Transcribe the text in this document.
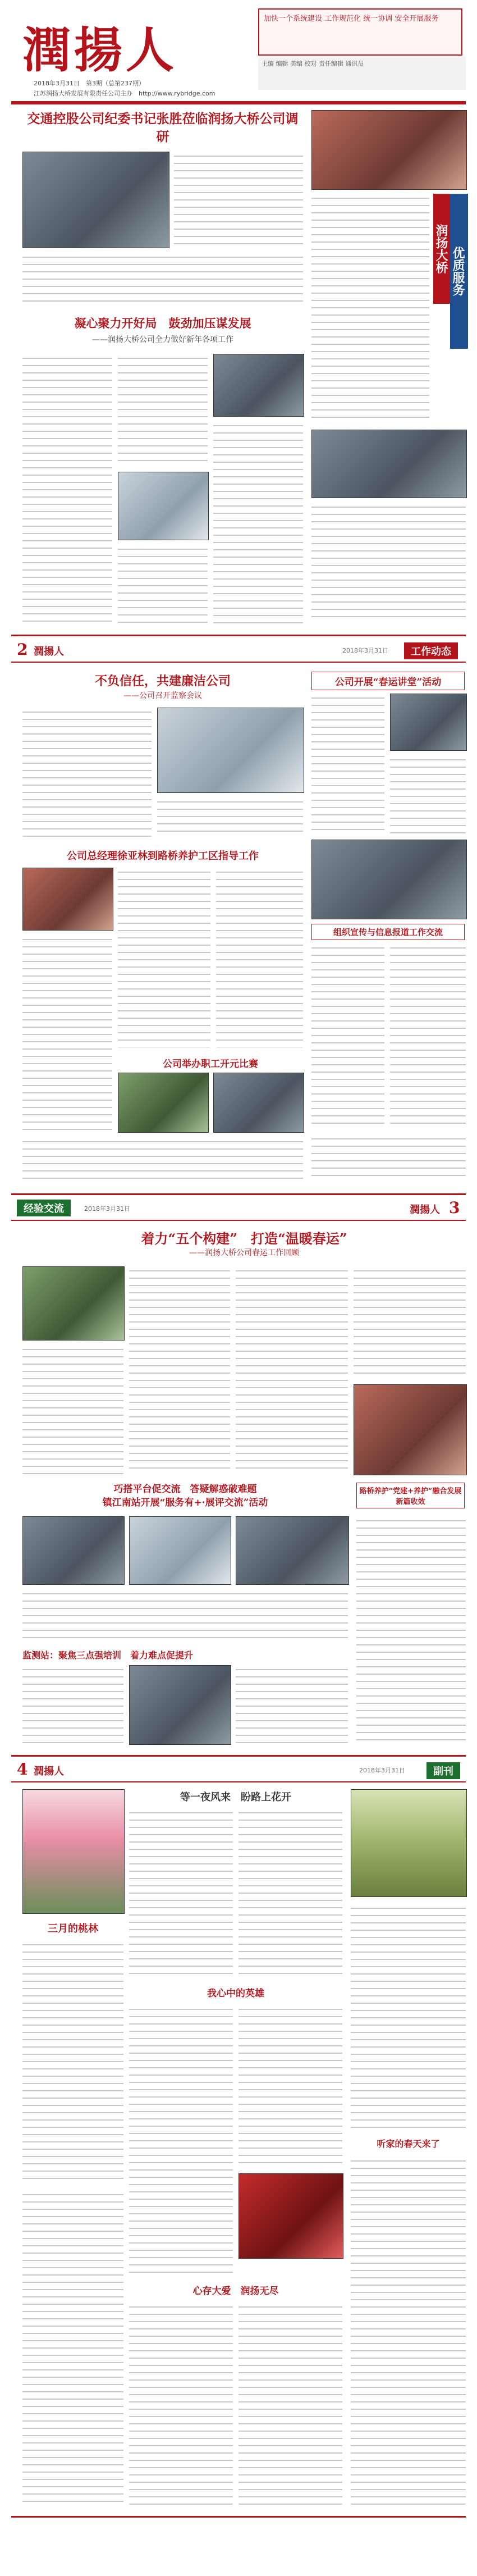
潤揚人
2018年3月31日　第3期（总第237期）
江苏润扬大桥发展有限责任公司主办　http://www.rybridge.com
加快一个系统建设 工作规范化 统一协调 安全开展服务
主编 编辑 美编 校对 责任编辑 通讯员
交通控股公司纪委书记张胜莅临润扬大桥公司调研
凝心聚力开好局　鼓劲加压谋发展
——润扬大桥公司全力做好新年各项工作
润扬大桥 优质服务
2 潤揚人	2018年3月31日	工作动态
不负信任，共建廉洁公司
——公司召开监察会议
公司开展“春运讲堂”活动
公司总经理徐亚林到路桥养护工区指导工作
组织宣传与信息报道工作交流
公司举办职工开元比赛
经验交流	2018年3月31日	潤揚人 3
着力“五个构建”　打造“温暖春运”
——润扬大桥公司春运工作回顾
巧搭平台促交流　答疑解惑破难题
镇江南站开展“服务有+·展评交流”活动
路桥养护“党建+养护”融合发展新篇收效
监测站：聚焦三点强培训　着力难点促提升
4 潤揚人	2018年3月31日	副刊
三月的桃林
等一夜风来　盼路上花开
我心中的英雄
心存大爱　润扬无尽
听家的春天来了
